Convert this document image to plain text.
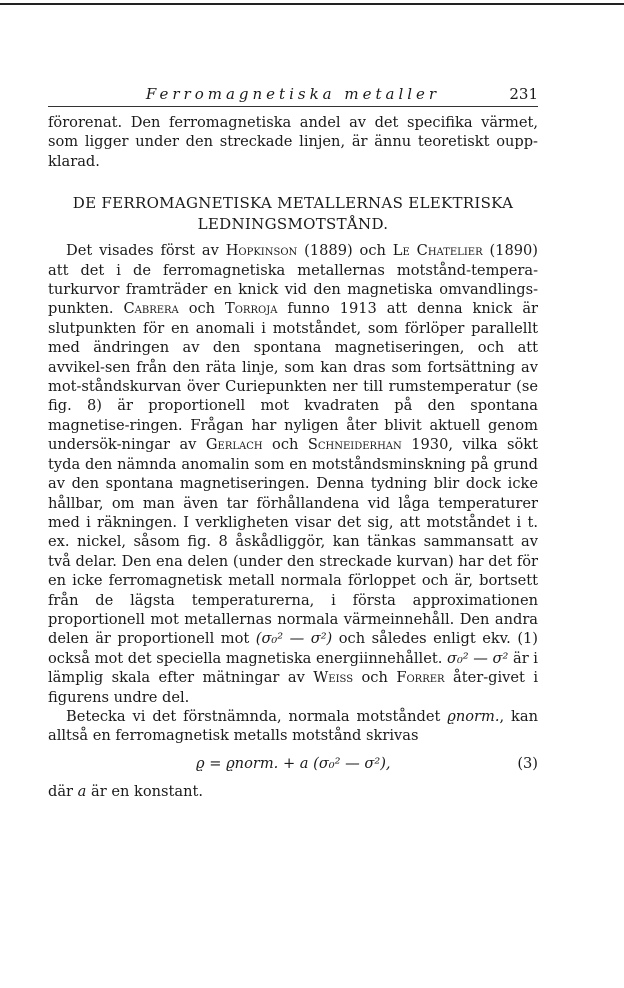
Ferromagnetiska metaller	231

förorenat. Den ferromagnetiska andel av det specifika värmet, som ligger under den streckade linjen, är ännu teoretiskt oupp-klarad.

DE FERROMAGNETISKA METALLERNAS ELEKTRISKA
LEDNINGSMOTSTÅND.

Det visades först av Hopkinson (1889) och Le Chatelier (1890) att det i de ferromagnetiska metallernas motstånd-tempera-turkurvor framträder en knick vid den magnetiska omvandlings-punkten. Cabrera och Torroja funno 1913 att denna knick är slutpunkten för en anomali i motståndet, som förlöper parallellt med ändringen av den spontana magnetiseringen, och att avvikel-sen från den räta linje, som kan dras som fortsättning av mot-ståndskurvan över Curiepunkten ner till rumstemperatur (se fig. 8) är proportionell mot kvadraten på den spontana magnetise-ringen. Frågan har nyligen åter blivit aktuell genom undersök-ningar av Gerlach och Schneiderhan 1930, vilka sökt tyda den nämnda anomalin som en motståndsminskning på grund av den spontana magnetiseringen. Denna tydning blir dock icke hållbar, om man även tar förhållandena vid låga temperaturer med i räkningen. I verkligheten visar det sig, att motståndet i t. ex. nickel, såsom fig. 8 åskådliggör, kan tänkas sammansatt av två delar. Den ena delen (under den streckade kurvan) har det för en icke ferromagnetisk metall normala förloppet och är, bortsett från de lägsta temperaturerna, i första approximationen proportionell mot metallernas normala värmeinnehåll. Den andra delen är proportionell mot (σ₀² — σ²) och således enligt ekv. (1) också mot det speciella magnetiska energiinnehållet. σ₀² — σ² är i lämplig skala efter mätningar av Weiss och Forrer åter-givet i figurens undre del.

Betecka vi det förstnämnda, normala motståndet ϱnorm., kan alltså en ferromagnetisk metalls motstånd skrivas

ϱ = ϱnorm. + a (σ₀² — σ²),	(3)

där a är en konstant.
